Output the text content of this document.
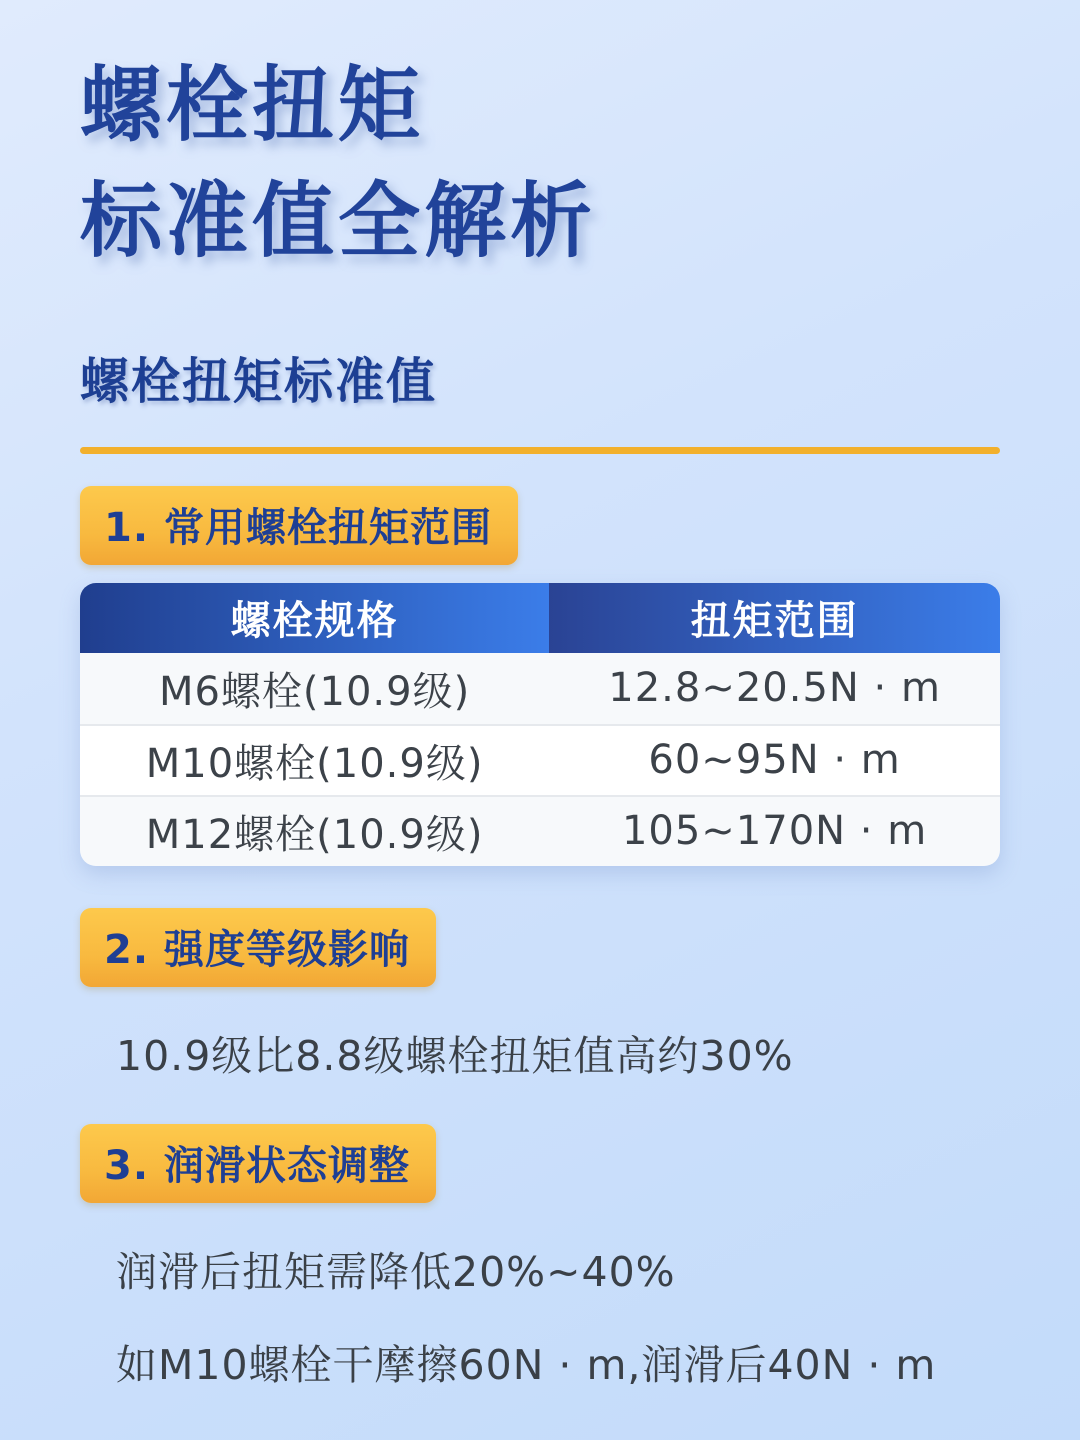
螺栓扭矩
标准值全解析
螺栓扭矩标准值
1. 常用螺栓扭矩范围
螺栓规格	扭矩范围
M6螺栓(10.9级)	12.8~20.5N · m
M10螺栓(10.9级)	60~95N · m
M12螺栓(10.9级)	105~170N · m
2. 强度等级影响

10.9级比8.8级螺栓扭矩值高约30%

3. 润滑状态调整

润滑后扭矩需降低20%~40%

如M10螺栓干摩擦60N · m,润滑后40N · m
